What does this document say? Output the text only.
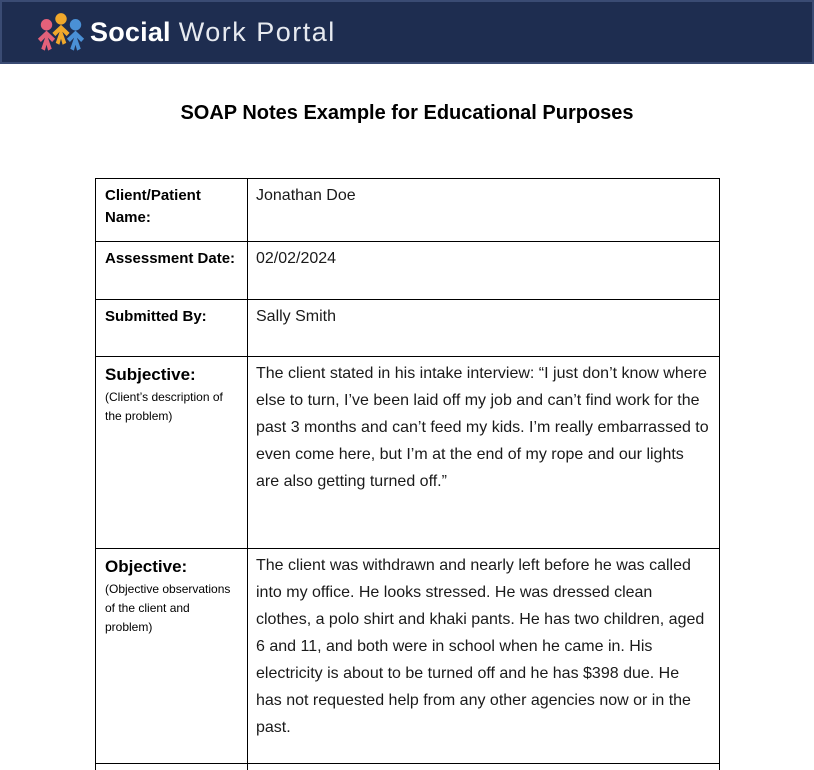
Social Work Portal
SOAP Notes Example for Educational Purposes
Client/Patient Name:
Jonathan Doe
Assessment Date: 02/02/2024
Submitted By:	Sally Smith
Subjective:
(Client’s description of the problem)
The client stated in his intake interview: “I just don’t know where else to turn, I’ve been laid off my job and can’t find work for the past 3 months and can’t feed my kids. I’m really embarrassed to even come here, but I’m at the end of my rope and our lights are also getting turned off.”
Objective:
(Objective observations of the client and problem)
The client was withdrawn and nearly left before he was called into my office. He looks stressed. He was dressed clean clothes, a polo shirt and khaki pants. He has two children, aged 6 and 11, and both were in school when he came in. His electricity is about to be turned off and he has $398 due. He has not requested help from any other agencies now or in the past.
